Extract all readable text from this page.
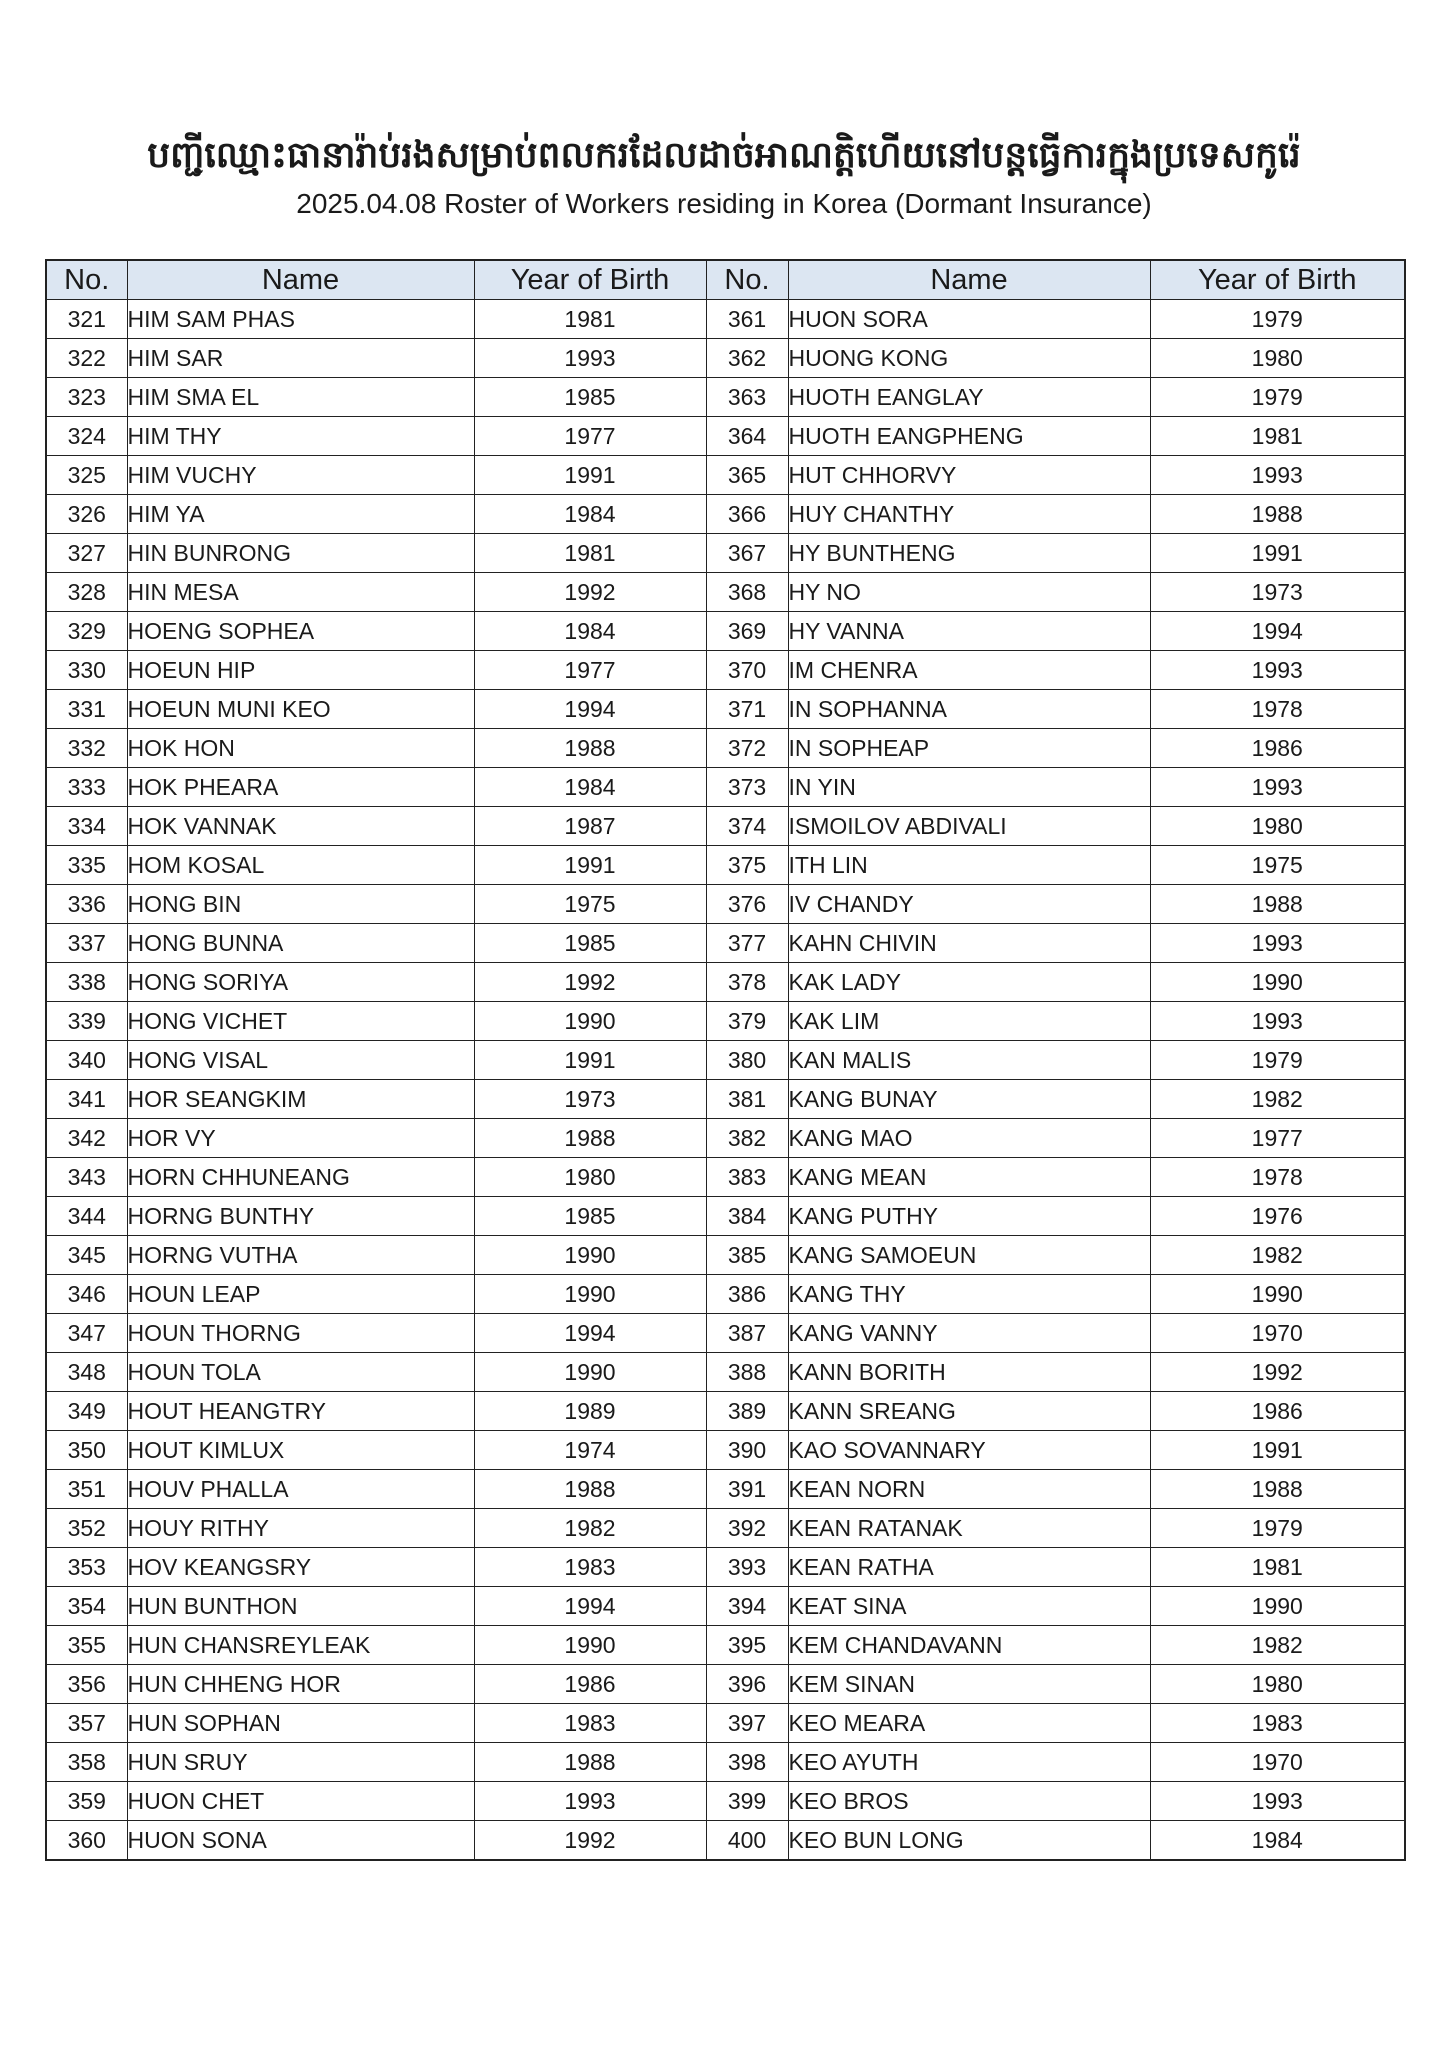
បញ្ជីឈ្មោះធានារ៉ាប់រងសម្រាប់ពលករដែលដាច់អាណត្តិហើយនៅបន្តធ្វើការក្នុងប្រទេសកូរ៉េ
2025.04.08 Roster of Workers residing in Korea (Dormant Insurance)
No.	Name	Year of Birth	No.	Name	Year of Birth
321	HIM SAM PHAS	1981	361	HUON SORA	1979
322	HIM SAR	1993	362	HUONG KONG	1980
323	HIM SMA EL	1985	363	HUOTH EANGLAY	1979
324	HIM THY	1977	364	HUOTH EANGPHENG	1981
325	HIM VUCHY	1991	365	HUT CHHORVY	1993
326	HIM YA	1984	366	HUY CHANTHY	1988
327	HIN BUNRONG	1981	367	HY BUNTHENG	1991
328	HIN MESA	1992	368	HY NO	1973
329	HOENG SOPHEA	1984	369	HY VANNA	1994
330	HOEUN HIP	1977	370	IM CHENRA	1993
331	HOEUN MUNI KEO	1994	371	IN SOPHANNA	1978
332	HOK HON	1988	372	IN SOPHEAP	1986
333	HOK PHEARA	1984	373	IN YIN	1993
334	HOK VANNAK	1987	374	ISMOILOV ABDIVALI	1980
335	HOM KOSAL	1991	375	ITH LIN	1975
336	HONG BIN	1975	376	IV CHANDY	1988
337	HONG BUNNA	1985	377	KAHN CHIVIN	1993
338	HONG SORIYA	1992	378	KAK LADY	1990
339	HONG VICHET	1990	379	KAK LIM	1993
340	HONG VISAL	1991	380	KAN MALIS	1979
341	HOR SEANGKIM	1973	381	KANG BUNAY	1982
342	HOR VY	1988	382	KANG MAO	1977
343	HORN CHHUNEANG	1980	383	KANG MEAN	1978
344	HORNG BUNTHY	1985	384	KANG PUTHY	1976
345	HORNG VUTHA	1990	385	KANG SAMOEUN	1982
346	HOUN LEAP	1990	386	KANG THY	1990
347	HOUN THORNG	1994	387	KANG VANNY	1970
348	HOUN TOLA	1990	388	KANN BORITH	1992
349	HOUT HEANGTRY	1989	389	KANN SREANG	1986
350	HOUT KIMLUX	1974	390	KAO SOVANNARY	1991
351	HOUV PHALLA	1988	391	KEAN NORN	1988
352	HOUY RITHY	1982	392	KEAN RATANAK	1979
353	HOV KEANGSRY	1983	393	KEAN RATHA	1981
354	HUN BUNTHON	1994	394	KEAT SINA	1990
355	HUN CHANSREYLEAK	1990	395	KEM CHANDAVANN	1982
356	HUN CHHENG HOR	1986	396	KEM SINAN	1980
357	HUN SOPHAN	1983	397	KEO MEARA	1983
358	HUN SRUY	1988	398	KEO AYUTH	1970
359	HUON CHET	1993	399	KEO BROS	1993
360	HUON SONA	1992	400	KEO BUN LONG	1984
